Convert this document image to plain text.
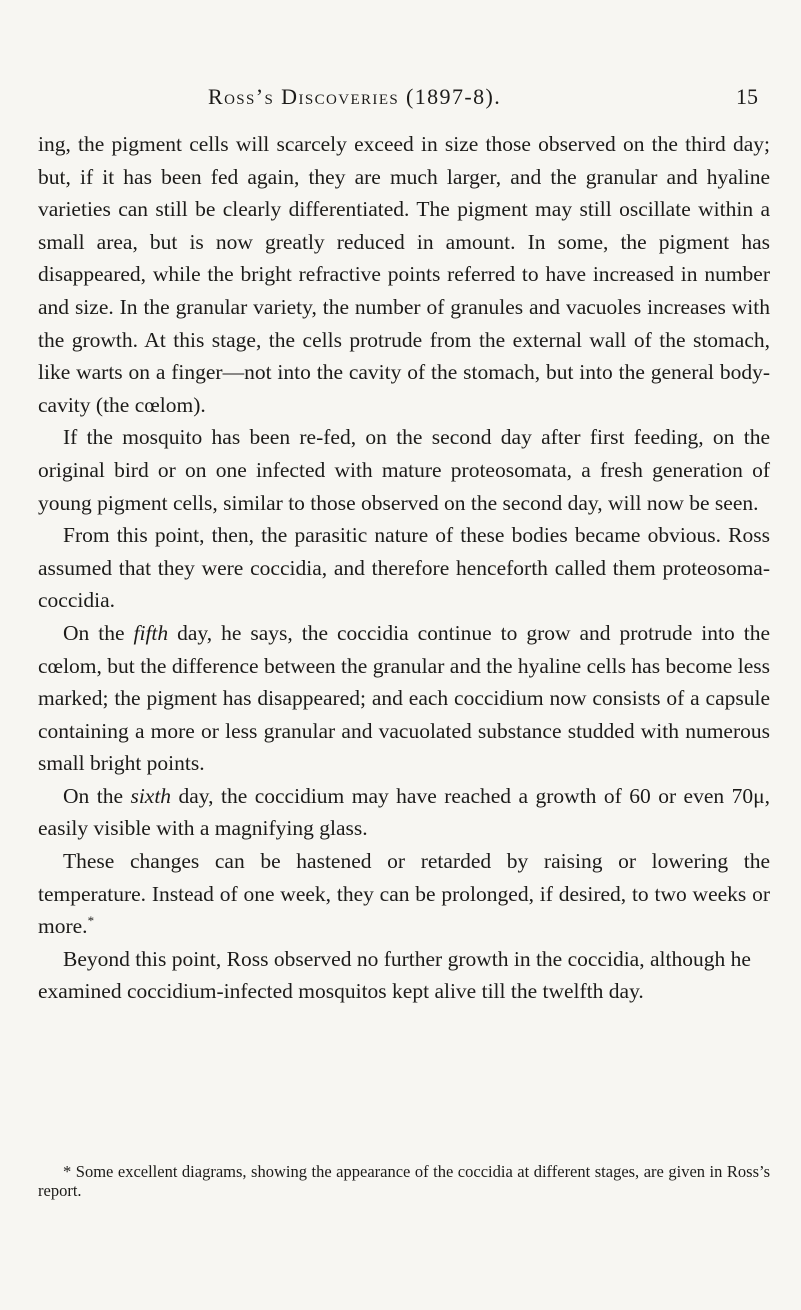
Ross’s Discoveries (1897-8).	15

ing, the pigment cells will scarcely exceed in size those observed on the third day; but, if it has been fed again, they are much larger, and the granular and hyaline varieties can still be clearly differentiated. The pigment may still oscillate within a small area, but is now greatly reduced in amount. In some, the pigment has disappeared, while the bright refractive points referred to have increased in number and size. In the granular variety, the number of granules and vacuoles increases with the growth. At this stage, the cells protrude from the external wall of the stomach, like warts on a finger—not into the cavity of the stomach, but into the general body-cavity (the cœlom).

If the mosquito has been re-fed, on the second day after first feeding, on the original bird or on one infected with mature proteosomata, a fresh generation of young pigment cells, similar to those observed on the second day, will now be seen.

From this point, then, the parasitic nature of these bodies became obvious. Ross assumed that they were coccidia, and therefore henceforth called them proteosoma-coccidia.

On the fifth day, he says, the coccidia continue to grow and protrude into the cœlom, but the difference between the granular and the hyaline cells has become less marked; the pigment has disappeared; and each coccidium now consists of a capsule containing a more or less granular and vacuolated substance studded with numerous small bright points.

On the sixth day, the coccidium may have reached a growth of 60 or even 70μ, easily visible with a magnifying glass.

These changes can be hastened or retarded by raising or lowering the temperature. Instead of one week, they can be prolonged, if desired, to two weeks or more.*

Beyond this point, Ross observed no further growth in the coccidia, although he examined coccidium-infected mosquitos kept alive till the twelfth day.

* Some excellent diagrams, showing the appearance of the coccidia at different stages, are given in Ross’s report.
